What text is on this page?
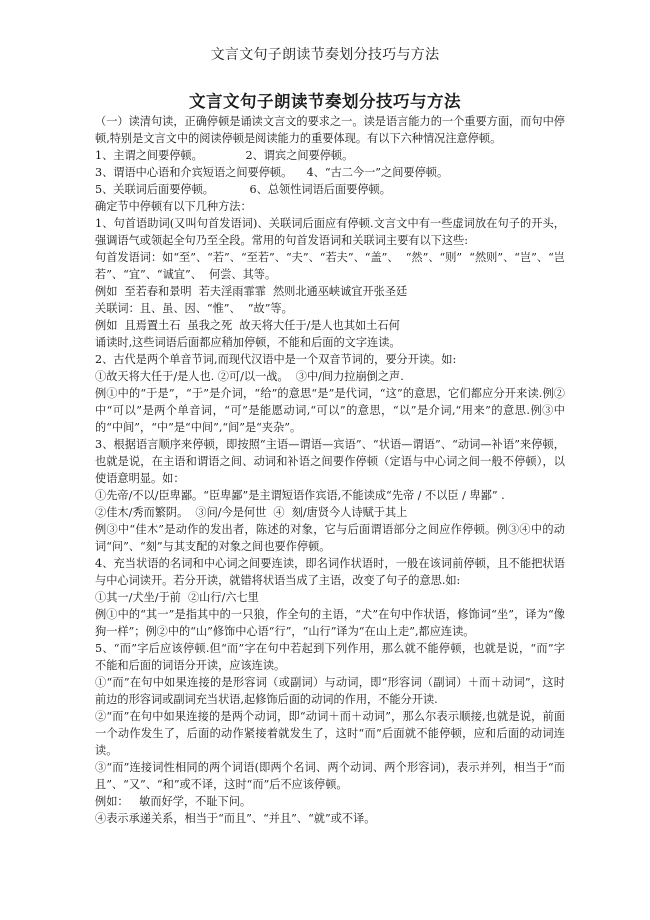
文言文句子朗读节奏划分技巧与方法
文言文句子朗读节奏划分技巧与方法

（一）读清句读，正确停顿是诵读文言文的要求之一。读是语言能力的一个重要方面，而句中停顿,特别是文言文中的阅读停顿是阅读能力的重要体现。有以下六种情况注意停顿。

1、主谓之间要停顿。            2、谓宾之间要停顿。

3、谓语中心语和介宾短语之间要停顿。    4、“古二今一”之间要停顿。

5、关联词后面要停顿。          6、总领性词语后面要停顿。

确定节中停顿有以下几种方法：

1、句首语助词(又叫句首发语词)、关联词后面应有停顿.文言文中有一些虚词放在句子的开头，强调语气或领起全句乃至全段。常用的句首发语词和关联词主要有以下这些:

句首发语词：如“至”、“若”、“至若”、“夫”、“若夫”、“盖”、  “然”、“则”  “然则”、“岂”、“岂若”、“宜”、“诚宜”、  何尝、其等。

例如  至若春和景明  若夫淫雨霏霏  然则北通巫峡诚宜开张圣廷

关联词：且、虽、因、“惟”、  “故”等。

例如  且焉置土石  虽我之死  故天将大任于/是人也其如土石何

诵读时,这些词语后面都应稍加停顿，不能和后面的文字连读。

2、古代是两个单音节词,而现代汉语中是一个双音节词的，要分开读。如:

①故天将大任于/是人也. ②可/以一战。  ③中/间力拉崩倒之声.

例①中的“于是”，“于”是介词，“给”的意思“是”是代词，“这”的意思，它们都应分开来读.例②中“可以”是两个单音词，“可”是能愿动词,“可以”的意思，“以”是介词,“用来”的意思.例③中的“中间”，“中”是“中间”,“间”是“夹杂”。

3、根据语言顺序来停顿，即按照“主语—谓语—宾语”、“状语—谓语”、“动词—补语”来停顿，也就是说，在主语和谓语之间、动词和补语之间要作停顿（定语与中心词之间一般不停顿），以使语意明显。如：

①先帝/不以/臣卑鄙。“臣卑鄙”是主谓短语作宾语,不能读成“先帝 / 不以臣 / 卑鄙” .

②佳木/秀而繁阴。  ③问/今是何世  ④  刻/唐贤今人诗赋于其上

例③中“佳木”是动作的发出者，陈述的对象，它与后面谓语部分之间应作停顿。例③④中的动词“问”、“刻”与其支配的对象之间也要作停顿。

4、充当状语的名词和中心词之间要连读，即名词作状语时，一般在该词前停顿，且不能把状语与中心词读开。若分开读，就错将状语当成了主语，改变了句子的意思.如:

①其一/犬坐/于前  ②山行/六七里

例①中的“其一”是指其中的一只狼，作全句的主语，“犬”在句中作状语，修饰词“坐”，译为“像狗一样”；例②中的“山”修饰中心语“行”，“山行”译为“在山上走”,都应连读。

5、“而”字后应该停顿.但“而”字在句中若起到下列作用，那么就不能停顿，也就是说，“而”字不能和后面的词语分开读，应该连读。

①“而”在句中如果连接的是形容词（或副词）与动词，即“形容词（副词）＋而＋动词”，这时前边的形容词或副词充当状语,起修饰后面的动词的作用，不能分开读.

②“而”在句中如果连接的是两个动词，即“动词＋而＋动词”，那么尔表示顺接,也就是说，前面一个动作发生了，后面的动作紧接着就发生了，这时“而”后面就不能停顿，应和后面的动词连读。

③“而”连接词性相同的两个词语(即两个名词、两个动词、两个形容词)，表示并列，相当于“而且”、“又”、“和”或不译，这时“而”后不应该停顿。

例如：   敏而好学，不耻下问。

④表示承递关系，相当于“而且”、“并且”、“就”或不译。
